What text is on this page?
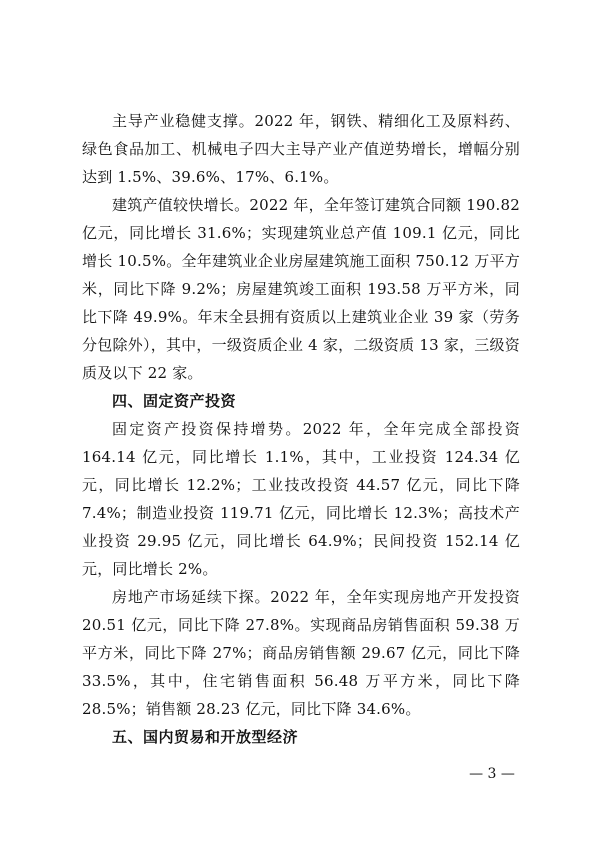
主导产业稳健支撑。2022 年，钢铁、精细化工及原料药、绿色食品加工、机械电子四大主导产业产值逆势增长，增幅分别达到 1.5%、39.6%、17%、6.1%。

建筑产值较快增长。2022 年，全年签订建筑合同额 190.82 亿元，同比增长 31.6%；实现建筑业总产值 109.1 亿元，同比增长 10.5%。全年建筑业企业房屋建筑施工面积 750.12 万平方米，同比下降 9.2%；房屋建筑竣工面积 193.58 万平方米，同比下降 49.9%。年末全县拥有资质以上建筑业企业 39 家（劳务分包除外），其中，一级资质企业 4 家，二级资质 13 家，三级资质及以下 22 家。

四、固定资产投资

固定资产投资保持增势。2022 年，全年完成全部投资 164.14 亿元，同比增长 1.1%，其中，工业投资 124.34 亿元，同比增长 12.2%；工业技改投资 44.57 亿元，同比下降 7.4%；制造业投资 119.71 亿元，同比增长 12.3%；高技术产业投资 29.95 亿元，同比增长 64.9%；民间投资 152.14 亿元，同比增长 2%。

房地产市场延续下探。2022 年，全年实现房地产开发投资 20.51 亿元，同比下降 27.8%。实现商品房销售面积 59.38 万平方米，同比下降 27%；商品房销售额 29.67 亿元，同比下降 33.5%，其中，住宅销售面积 56.48 万平方米，同比下降 28.5%；销售额 28.23 亿元，同比下降 34.6%。

五、国内贸易和开放型经济
— 3 —
